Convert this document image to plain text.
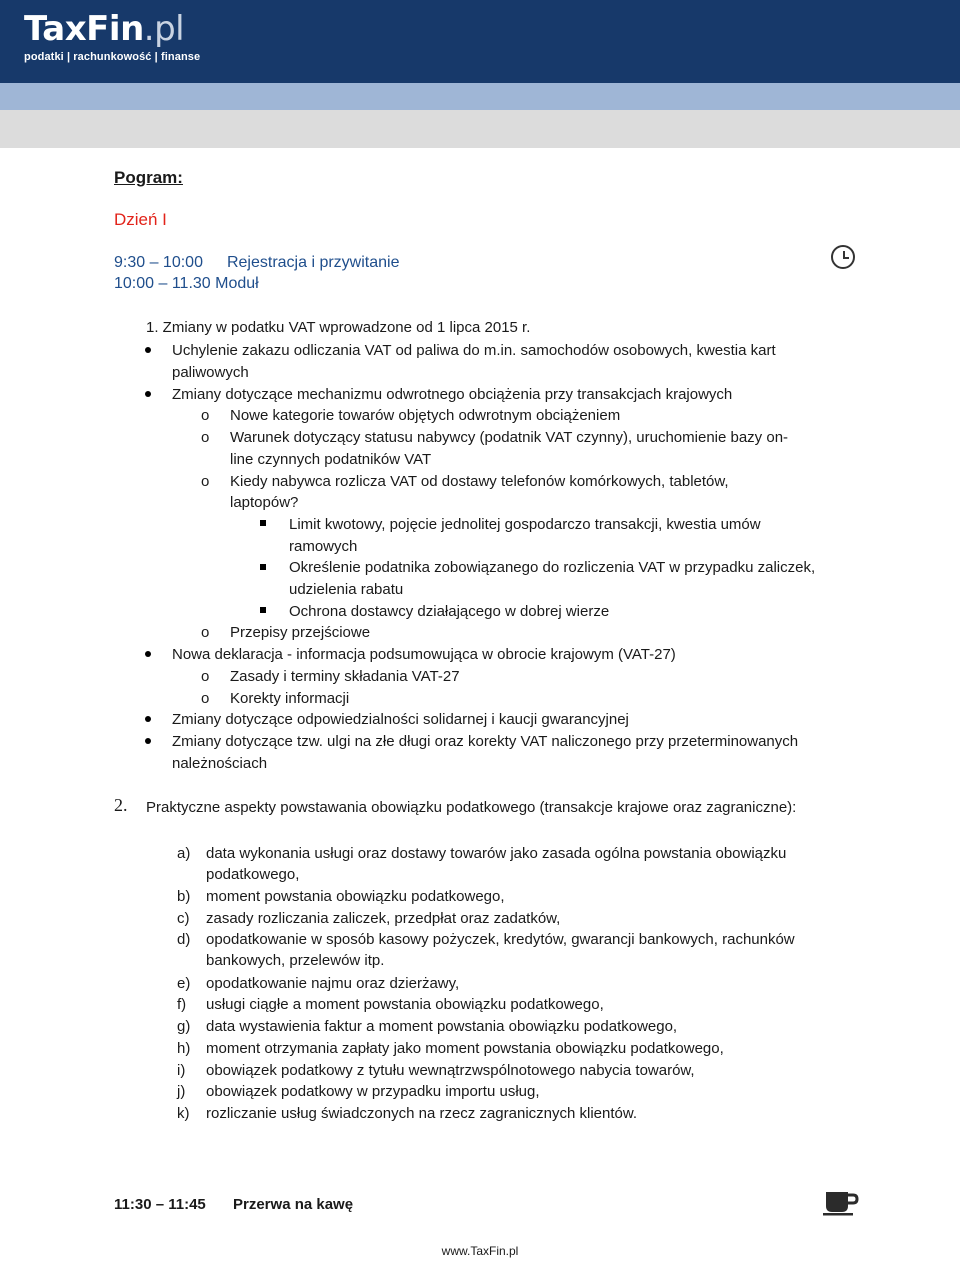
TaxFin.pl
podatki | rachunkowość | finanse
Pogram:
Dzień I
9:30 – 10:00 Rejestracja i przywitanie
10:00 – 11.30 Moduł
1. Zmiany w podatku VAT wprowadzone od 1 lipca 2015 r.
Uchylenie zakazu odliczania VAT od paliwa do m.in. samochodów osobowych, kwestia kart
paliwowych
Zmiany dotyczące mechanizmu odwrotnego obciążenia przy transakcjach krajowych
o Nowe kategorie towarów objętych odwrotnym obciążeniem
o Warunek dotyczący statusu nabywcy (podatnik VAT czynny), uruchomienie bazy on-
line czynnych podatników VAT
o Kiedy nabywca rozlicza VAT od dostawy telefonów komórkowych, tabletów,
laptopów?
Limit kwotowy, pojęcie jednolitej gospodarczo transakcji, kwestia umów
ramowych
Określenie podatnika zobowiązanego do rozliczenia VAT w przypadku zaliczek,
udzielenia rabatu
Ochrona dostawcy działającego w dobrej wierze
o Przepisy przejściowe
Nowa deklaracja - informacja podsumowująca w obrocie krajowym (VAT-27)
o Zasady i terminy składania VAT-27
o Korekty informacji
Zmiany dotyczące odpowiedzialności solidarnej i kaucji gwarancyjnej
Zmiany dotyczące tzw. ulgi na złe długi oraz korekty VAT naliczonego przy przeterminowanych
należnościach
2. Praktyczne aspekty powstawania obowiązku podatkowego (transakcje krajowe oraz zagraniczne):
a) data wykonania usługi oraz dostawy towarów jako zasada ogólna powstania obowiązku
podatkowego,
b) moment powstania obowiązku podatkowego,
c) zasady rozliczania zaliczek, przedpłat oraz zadatków,
d) opodatkowanie w sposób kasowy pożyczek, kredytów, gwarancji bankowych, rachunków
bankowych, przelewów itp.
e) opodatkowanie najmu oraz dzierżawy,
f) usługi ciągłe a moment powstania obowiązku podatkowego,
g) data wystawienia faktur a moment powstania obowiązku podatkowego,
h) moment otrzymania zapłaty jako moment powstania obowiązku podatkowego,
i) obowiązek podatkowy z tytułu wewnątrzwspólnotowego nabycia towarów,
j) obowiązek podatkowy w przypadku importu usług,
k) rozliczanie usług świadczonych na rzecz zagranicznych klientów.
11:30 – 11:45 Przerwa na kawę
www.TaxFin.pl
